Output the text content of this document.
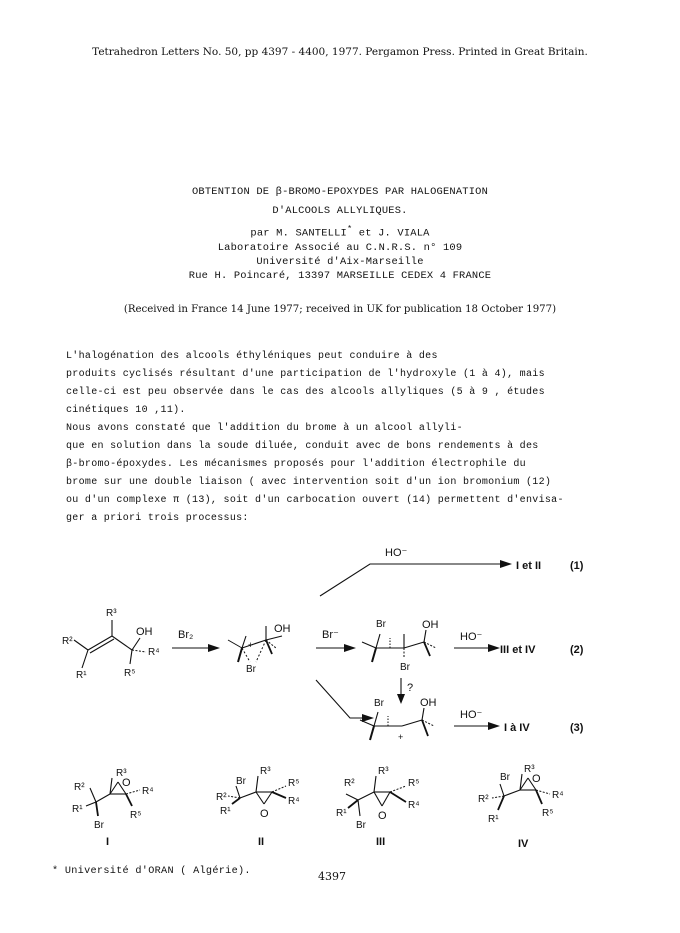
Tetrahedron Letters No. 50, pp 4397 - 4400, 1977. Pergamon Press. Printed in Great Britain.
OBTENTION DE β-BROMO-EPOXYDES PAR HALOGENATION
D'ALCOOLS ALLYLIQUES.
par M. SANTELLI* et J. VIALA
Laboratoire Associé au C.N.R.S. n° 109
Université d'Aix-Marseille
Rue H. Poincaré, 13397 MARSEILLE CEDEX 4 FRANCE
(Received in France 14 June 1977; received in UK for publication 18 October 1977)
L'halogénation des alcools éthyléniques peut conduire à des
produits cyclisés résultant d'une participation de l'hydroxyle (1 à 4), mais
celle-ci est peu observée dans le cas des alcools allyliques (5 à 9 , études
cinétiques 10 ,11).
Nous avons constaté que l'addition du brome à un alcool allyli-
que en solution dans la soude diluée, conduit avec de bons rendements à des
β-bromo-époxydes. Les mécanismes proposés pour l'addition électrophile du
brome sur une double liaison ( avec intervention soit d'un ion bromonium (12)
ou d'un complexe π (13), soit d'un carbocation ouvert (14) permettent d'envisa-
ger a priori trois processus:
HO⁻
I et II	(1)
R²
R¹
R³
OH
R⁴
R⁵
Br₂
+
Br
OH	Br⁻
Br
Br
OH
HO⁻
III et IV	(2)
?
Br
+
OH
HO⁻
I à IV	(3)
R²
R¹
Br
R³
O
R⁴
R⁵
I
Br
R²
R¹
R³
O
R⁵
R⁴
II
R²
R¹
Br
R³
O
R⁵
R⁴
III
Br
R²
R¹
R³
O
R⁴
R⁵
IV
* Université d'ORAN ( Algérie).	4397
